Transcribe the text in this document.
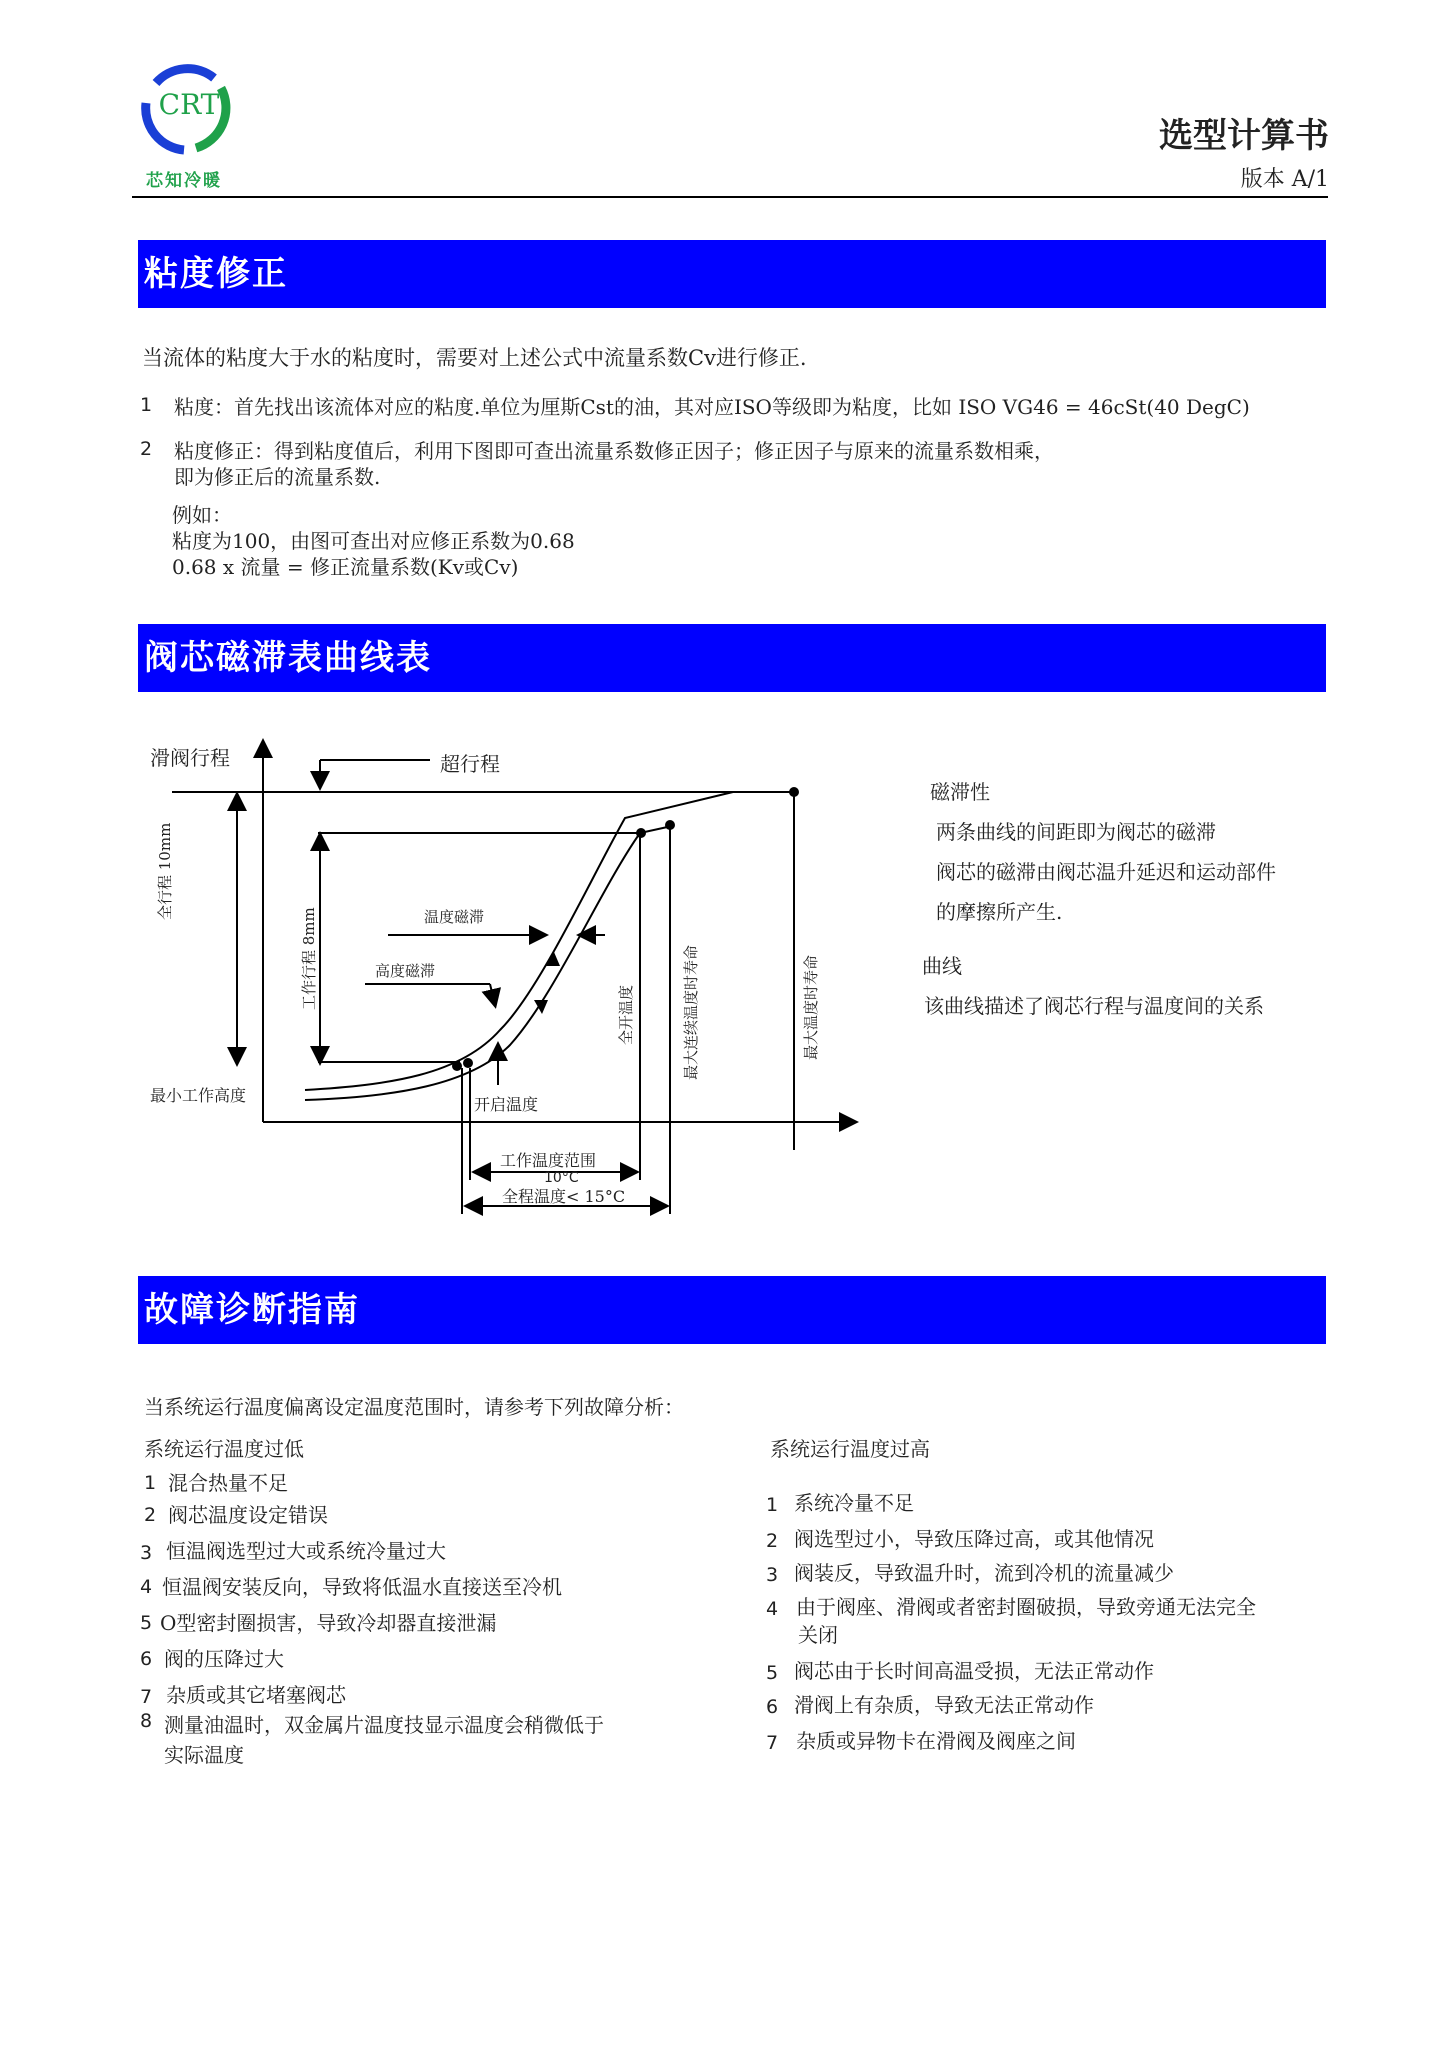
CRT
芯知冷暖
选型计算书
版本 A/1
粘度修正
当流体的粘度大于水的粘度时，需要对上述公式中流量系数Cv进行修正.
1 粘度：首先找出该流体对应的粘度.单位为厘斯Cst的油，其对应ISO等级即为粘度，比如 ISO VG46 = 46cSt(40 DegC)
2 粘度修正：得到粘度值后，利用下图即可查出流量系数修正因子；修正因子与原来的流量系数相乘，
即为修正后的流量系数.
例如：
粘度为100，由图可查出对应修正系数为0.68
0.68 x 流量 = 修正流量系数(Kv或Cv)
阀芯磁滞表曲线表
滑阀行程	超行程
全行程 10mm
工作行程 8mm	温度磁滞
高度磁滞
最小工作高度	开启温度
全开温度	最大连续温度时寿命	最大温度时寿命
工作温度范围
10°C
全程温度< 15°C
磁滞性
两条曲线的间距即为阀芯的磁滞
阀芯的磁滞由阀芯温升延迟和运动部件
的摩擦所产生.
曲线
该曲线描述了阀芯行程与温度间的关系
故障诊断指南
当系统运行温度偏离设定温度范围时，请参考下列故障分析：
系统运行温度过低
1 混合热量不足
2 阀芯温度设定错误
3 恒温阀选型过大或系统冷量过大
4 恒温阀安装反向，导致将低温水直接送至冷机
5 O型密封圈损害，导致冷却器直接泄漏
6 阀的压降过大
7 杂质或其它堵塞阀芯
8 测量油温时，双金属片温度技显示温度会稍微低于
实际温度
系统运行温度过高
1 系统冷量不足
2 阀选型过小，导致压降过高，或其他情况
3 阀装反，导致温升时，流到冷机的流量减少
4 由于阀座、滑阀或者密封圈破损，导致旁通无法完全
关闭
5 阀芯由于长时间高温受损，无法正常动作
6 滑阀上有杂质，导致无法正常动作
7 杂质或异物卡在滑阀及阀座之间
